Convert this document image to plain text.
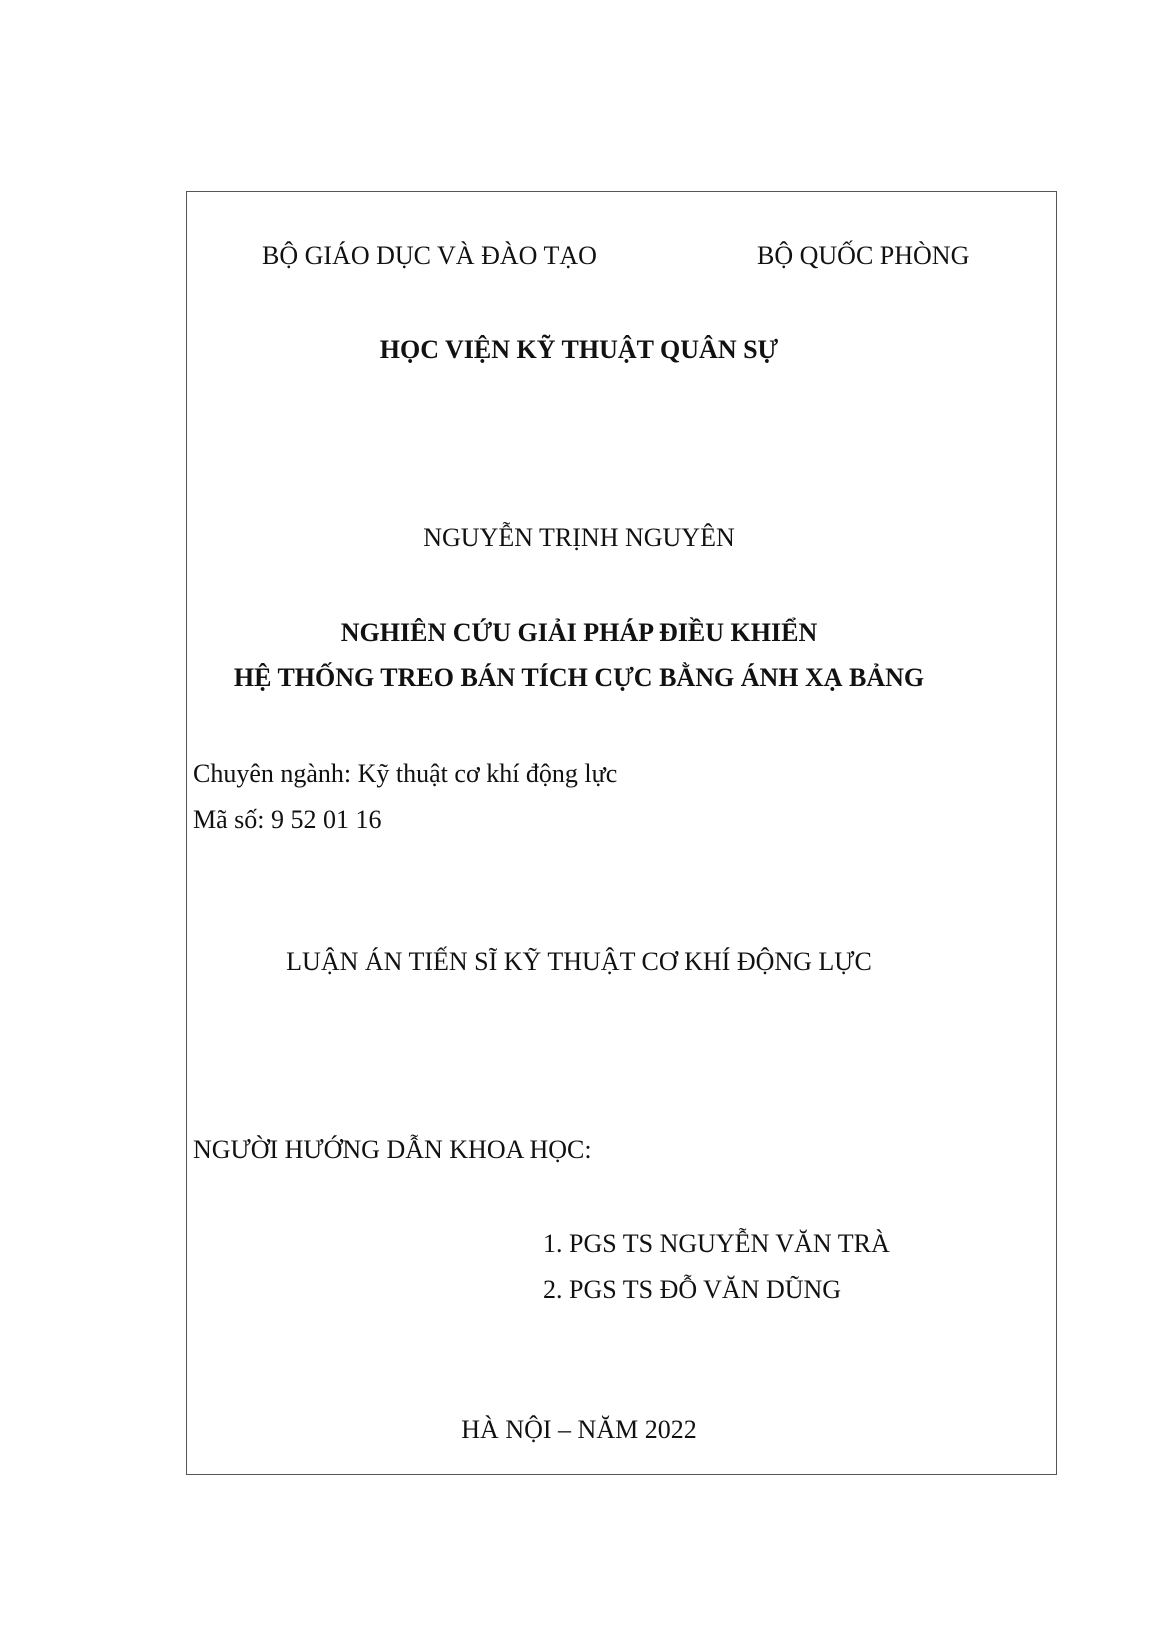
BỘ GIÁO DỤC VÀ ĐÀO TẠO	BỘ QUỐC PHÒNG
HỌC VIỆN KỸ THUẬT QUÂN SỰ
NGUYỄN TRỊNH NGUYÊN
NGHIÊN CỨU GIẢI PHÁP ĐIỀU KHIỂN
HỆ THỐNG TREO BÁN TÍCH CỰC BẰNG ÁNH XẠ BẢNG
Chuyên ngành: Kỹ thuật cơ khí động lực
Mã số: 9 52 01 16
LUẬN ÁN TIẾN SĨ KỸ THUẬT CƠ KHÍ ĐỘNG LỰC
NGƯỜI HƯỚNG DẪN KHOA HỌC:
1. PGS TS NGUYỄN VĂN TRÀ
2. PGS TS ĐỖ VĂN DŨNG
HÀ NỘI – NĂM 2022
